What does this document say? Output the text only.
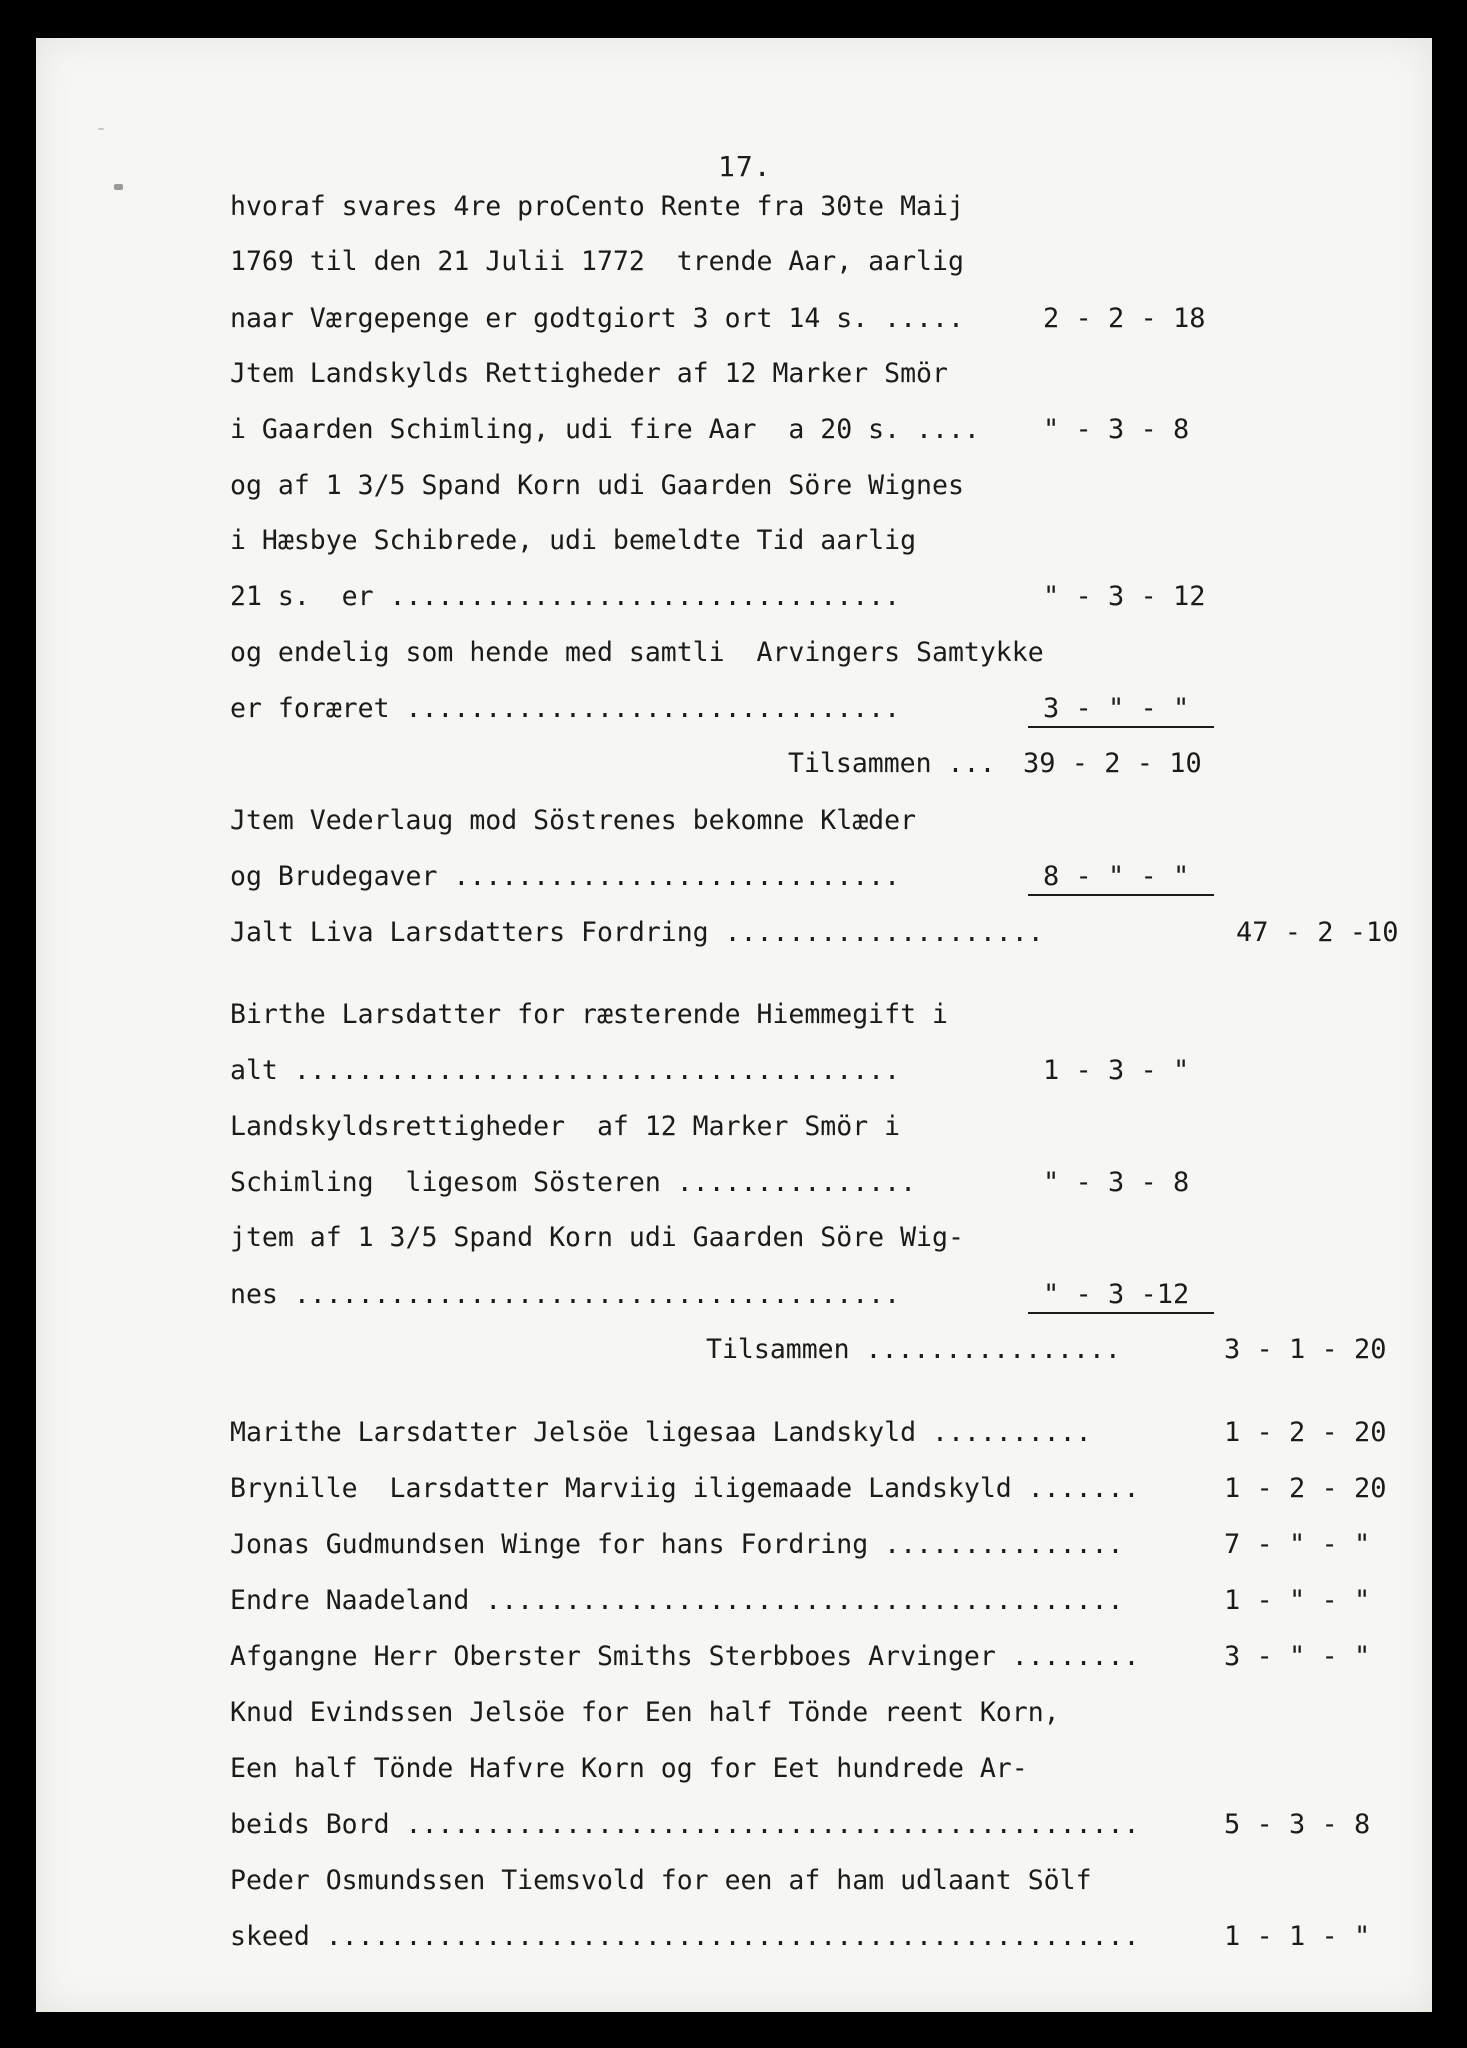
17.
hvoraf svares 4re proCento Rente fra 30te Maij
1769 til den 21 Julii 1772  trende Aar, aarlig
naar Værgepenge er godtgiort 3 ort 14 s. .....	2 - 2 - 18
Jtem Landskylds Rettigheder af 12 Marker Smör
i Gaarden Schimling, udi fire Aar  a 20 s. .... " - 3 - 8
og af 1 3/5 Spand Korn udi Gaarden Söre Wignes
i Hæsbye Schibrede, udi bemeldte Tid aarlig
21 s.  er ................................	" - 3 - 12
og endelig som hende med samtli  Arvingers Samtykke
er foræret ...............................	3 - " - "
Tilsammen ... 39 - 2 - 10
Jtem Vederlaug mod Söstrenes bekomne Klæder
og Brudegaver ............................	8 - " - "
Jalt Liva Larsdatters Fordring ....................	47 - 2 -10
Birthe Larsdatter for ræsterende Hiemmegift i
alt ......................................	1 - 3 - "
Landskyldsrettigheder  af 12 Marker Smör i
Schimling  ligesom Sösteren ...............	" - 3 - 8
jtem af 1 3/5 Spand Korn udi Gaarden Söre Wig-
nes ......................................	" - 3 -12
Tilsammen ................	3 - 1 - 20
Marithe Larsdatter Jelsöe ligesaa Landskyld ..........	1 - 2 - 20
Brynille  Larsdatter Marviig iligemaade Landskyld .......	1 - 2 - 20
Jonas Gudmundsen Winge for hans Fordring ...............	7 - " - "
Endre Naadeland ........................................	1 - " - "
Afgangne Herr Oberster Smiths Sterbboes Arvinger ........	3 - " - "
Knud Evindssen Jelsöe for Een half Tönde reent Korn,
Een half Tönde Hafvre Korn og for Eet hundrede Ar-
beids Bord ..............................................	5 - 3 - 8
Peder Osmundssen Tiemsvold for een af ham udlaant Sölf
skeed ...................................................	1 - 1 - "
